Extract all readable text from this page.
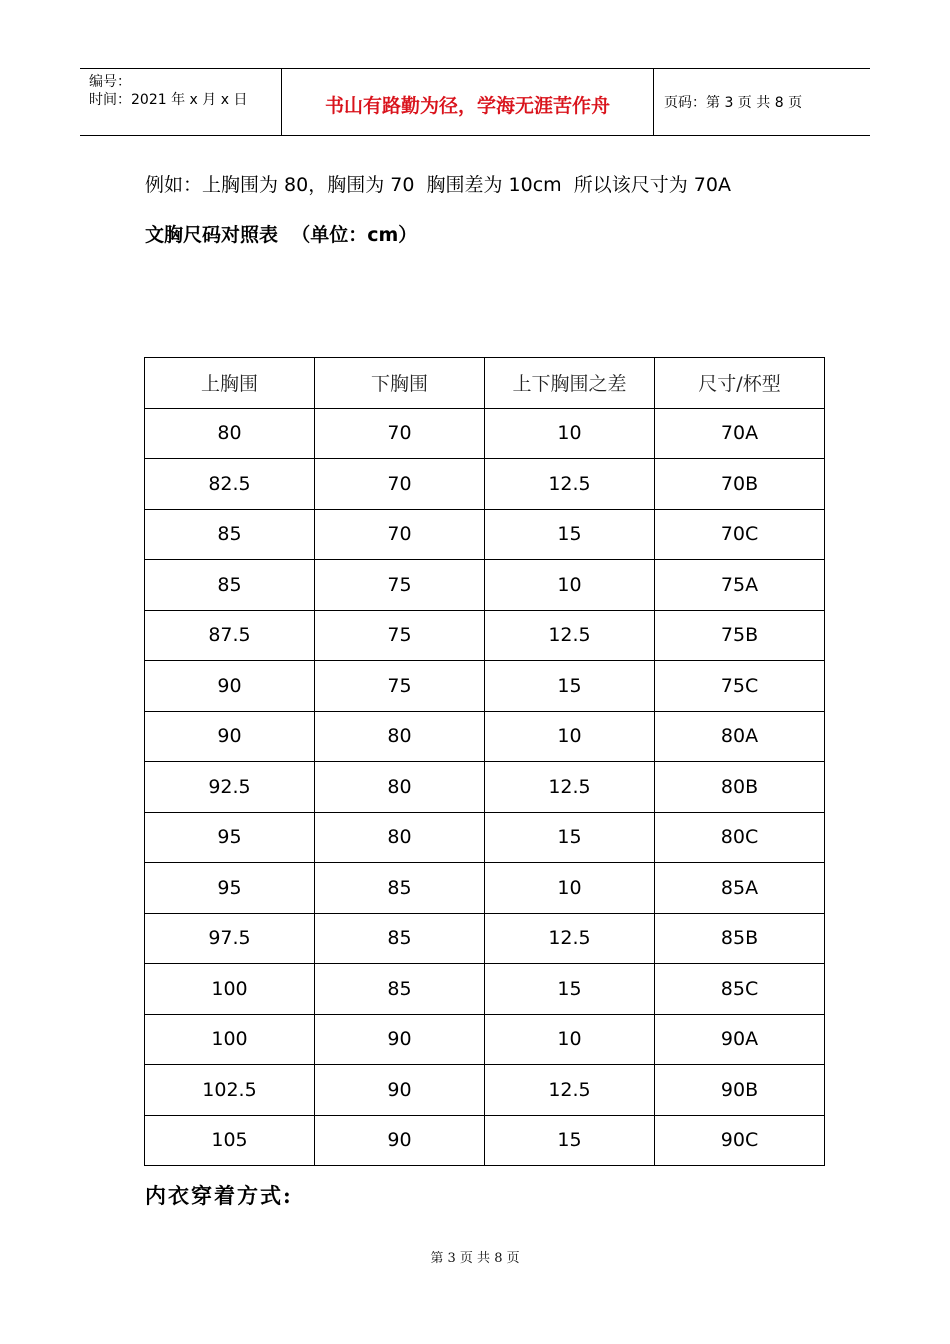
编号：
时间：2021 年 x 月 x 日	书山有路勤为径，学海无涯苦作舟	页码：第 3 页 共 8 页
例如：上胸围为 80，胸围为 70  胸围差为 10cm  所以该尺寸为 70A
文胸尺码对照表  （单位：cm）
上胸围	下胸围	上下胸围之差	尺寸/杯型
80	70	10	70A
82.5	70	12.5	70B
85	70	15	70C
85	75	10	75A
87.5	75	12.5	75B
90	75	15	75C
90	80	10	80A
92.5	80	12.5	80B
95	80	15	80C
95	85	10	85A
97.5	85	12.5	85B
100	85	15	85C
100	90	10	90A
102.5	90	12.5	90B
105	90	15	90C
内衣穿着方式:
第 3 页 共 8 页
